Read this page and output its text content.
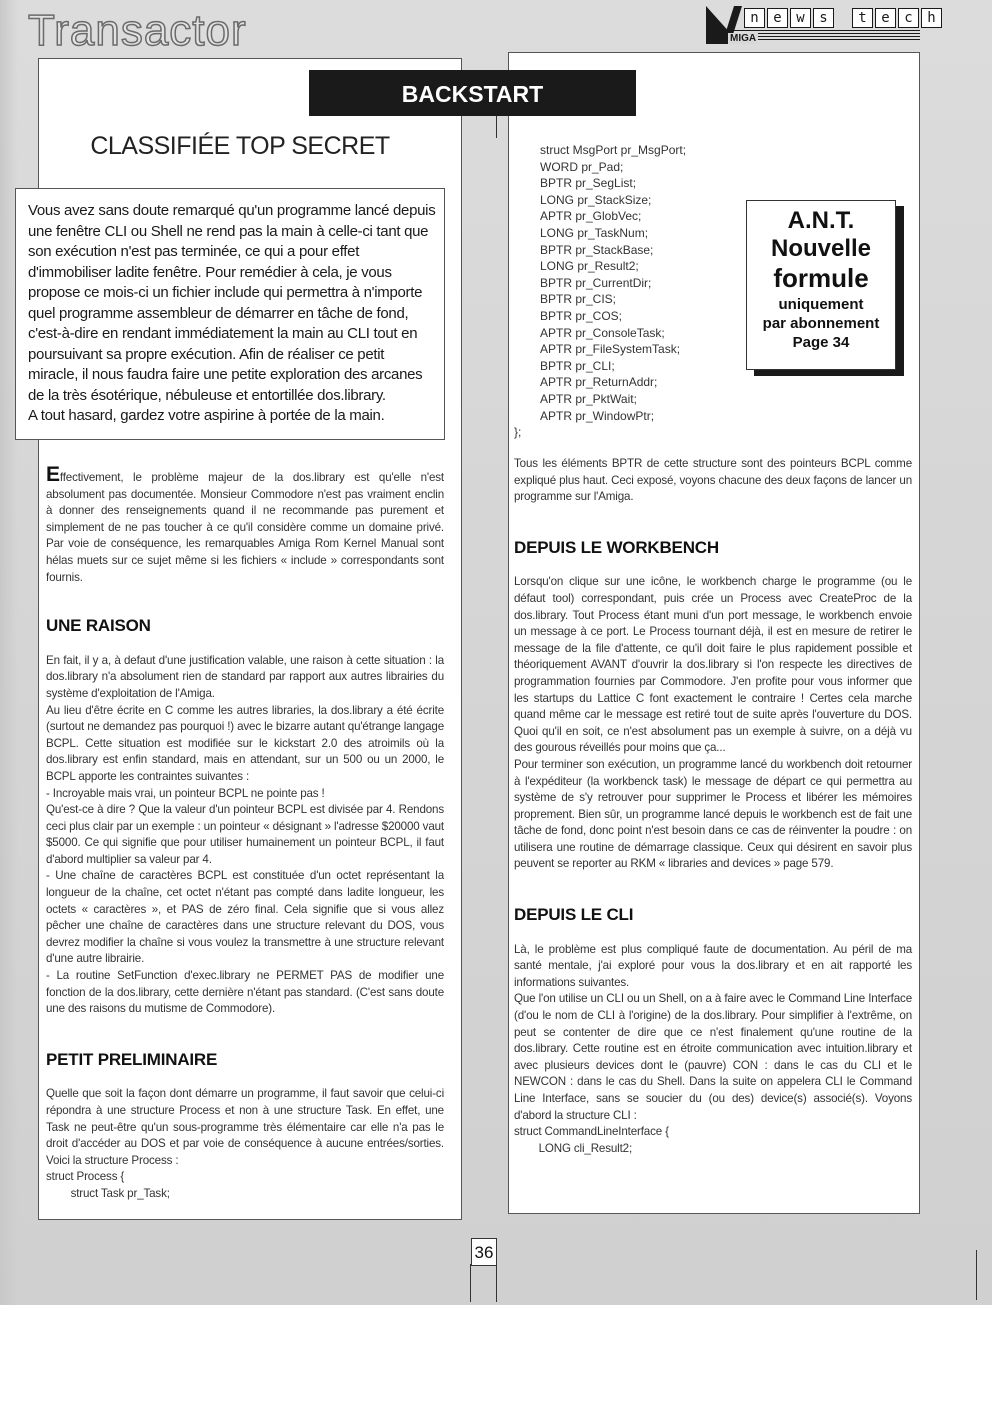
Transactor	n	e	w	s	t	e	c	h
MIGA
BACKSTART
CLASSIFIÉE TOP SECRET

Vous avez sans doute remarqué qu'un programme lancé depuis une fenêtre CLI ou Shell ne rend pas la main à celle-ci tant que son exécution n'est pas terminée, ce qui a pour effet d'immobiliser ladite fenêtre. Pour remédier à cela, je vous propose ce mois-ci un fichier include qui permettra à n'importe quel programme assembleur de démarrer en tâche de fond, c'est-à-dire en rendant immédiatement la main au CLI tout en poursuivant sa propre exécution. Afin de réaliser ce petit miracle, il nous faudra faire une petite exploration des arcanes de la très ésotérique, nébuleuse et entortillée dos.library.

A tout hasard, gardez votre aspirine à portée de la main.

Effectivement, le problème majeur de la dos.library est qu'elle n'est absolument pas documentée. Monsieur Commodore n'est pas vraiment enclin à donner des renseignements quand il ne recommande pas purement et simplement de ne pas toucher à ce qu'il considère comme un domaine privé. Par voie de conséquence, les remarquables Amiga Rom Kernel Manual sont hélas muets sur ce sujet même si les fichiers « include » correspondants sont fournis.

UNE RAISON

En fait, il y a, à defaut d'une justification valable, une raison à cette situation : la dos.library n'a absolument rien de standard par rapport aux autres librairies du système d'exploitation de l'Amiga.

Au lieu d'être écrite en C comme les autres libraries, la dos.library a été écrite (surtout ne demandez pas pourquoi !) avec le bizarre autant qu'étrange langage BCPL. Cette situation est modifiée sur le kickstart 2.0 des atroimils où la dos.library est enfin standard, mais en attendant, sur un 500 ou un 2000, le BCPL apporte les contraintes suivantes :

- Incroyable mais vrai, un pointeur BCPL ne pointe pas !

Qu'est-ce à dire ? Que la valeur d'un pointeur BCPL est divisée par 4. Rendons ceci plus clair par un exemple : un pointeur « désignant » l'adresse $20000 vaut $5000. Ce qui signifie que pour utiliser humainement un pointeur BCPL, il faut d'abord multiplier sa valeur par 4.

- Une chaîne de caractères BCPL est constituée d'un octet représentant la longueur de la chaîne, cet octet n'étant pas compté dans ladite longueur, les octets « caractères », et PAS de zéro final. Cela signifie que si vous allez pêcher une chaîne de caractères dans une structure relevant du DOS, vous devrez modifier la chaîne si vous voulez la transmettre à une structure relevant d'une autre librairie.

- La routine SetFunction d'exec.library ne PERMET PAS de modifier une fonction de la dos.library, cette dernière n'étant pas standard. (C'est sans doute une des raisons du mutisme de Commodore).

PETIT PRELIMINAIRE

Quelle que soit la façon dont démarre un programme, il faut savoir que celui-ci répondra à une structure Process et non à une structure Task. En effet, une Task ne peut-être qu'un sous-programme très élémentaire car elle n'a pas le droit d'accéder au DOS et par voie de conséquence à aucune entrées/sorties. Voici la structure Process :

struct Process {

struct Task pr_Task;

struct MsgPort pr_MsgPort;
WORD pr_Pad;
BPTR pr_SegList;
LONG pr_StackSize;
APTR pr_GlobVec;
LONG pr_TaskNum;
BPTR pr_StackBase;
LONG pr_Result2;
BPTR pr_CurrentDir;
BPTR pr_CIS;
BPTR pr_COS;
APTR pr_ConsoleTask;
APTR pr_FileSystemTask;
BPTR pr_CLI;
APTR pr_ReturnAddr;
APTR pr_PktWait;
APTR pr_WindowPtr;
};
A.N.T.
Nouvelle
formule
uniquement
par abonnement
Page 34

Tous les éléments BPTR de cette structure sont des pointeurs BCPL comme expliqué plus haut. Ceci exposé, voyons chacune des deux façons de lancer un programme sur l'Amiga.

DEPUIS LE WORKBENCH

Lorsqu'on clique sur une icône, le workbench charge le programme (ou le défaut tool) correspondant, puis crée un Process avec CreateProc de la dos.library. Tout Process étant muni d'un port message, le workbench envoie un message à ce port. Le Process tournant déjà, il est en mesure de retirer le message de la file d'attente, ce qu'il doit faire le plus rapidement possible et théoriquement AVANT d'ouvrir la dos.library si l'on respecte les directives de programmation fournies par Commodore. J'en profite pour vous informer que les startups du Lattice C font exactement le contraire ! Certes cela marche quand même car le message est retiré tout de suite après l'ouverture du DOS. Quoi qu'il en soit, ce n'est absolument pas un exemple à suivre, on a déjà vu des gourous réveillés pour moins que ça...

Pour terminer son exécution, un programme lancé du workbench doit retourner à l'expéditeur (la workbenck task) le message de départ ce qui permettra au système de s'y retrouver pour supprimer le Process et libérer les mémoires proprement. Bien sûr, un programme lancé depuis le workbench est de fait une tâche de fond, donc point n'est besoin dans ce cas de réinventer la poudre : on utilisera une routine de démarrage classique. Ceux qui désirent en savoir plus peuvent se reporter au RKM « libraries and devices » page 579.

DEPUIS LE CLI

Là, le problème est plus compliqué faute de documentation. Au péril de ma santé mentale, j'ai exploré pour vous la dos.library et en ait rapporté les informations suivantes.

Que l'on utilise un CLI ou un Shell, on a à faire avec le Command Line Interface (d'ou le nom de CLI à l'origine) de la dos.library. Pour simplifier à l'extrême, on peut se contenter de dire que ce n'est finalement qu'une routine de la dos.library. Cette routine est en étroite communication avec intuition.library et avec plusieurs devices dont le (pauvre) CON : dans le cas du CLI et le NEWCON : dans le cas du Shell. Dans la suite on appelera CLI le Command Line Interface, sans se soucier du (ou des) device(s) associé(s). Voyons d'abord la structure CLI :

struct CommandLineInterface {

LONG cli_Result2;

36
